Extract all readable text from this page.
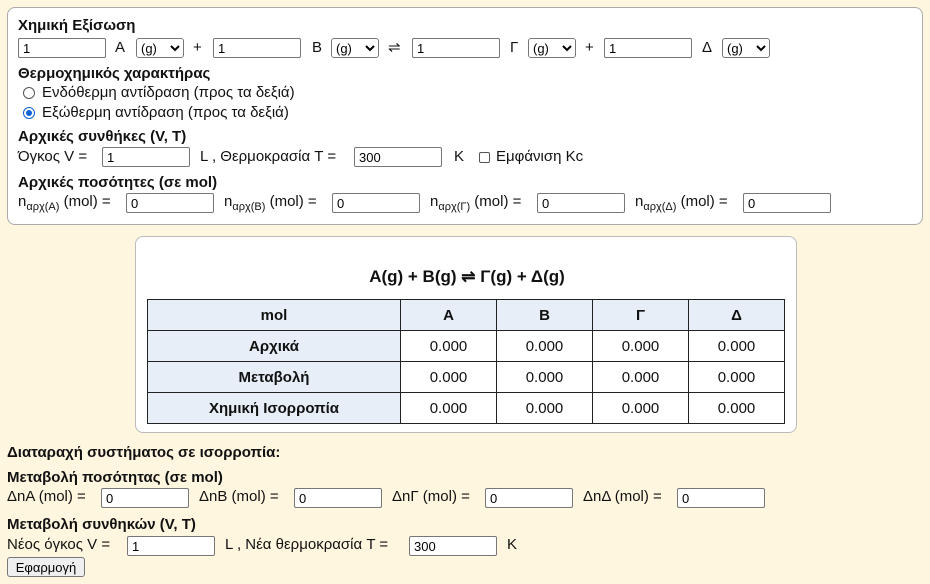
Χημική Εξίσωση
1
Α
(g)	+
1	Β
(g)	⇌
1	Γ
(g)	+
1	Δ
(g)
Θερμοχημικός χαρακτήρας
Ενδόθερμη αντίδραση (προς τα δεξιά)
Εξώθερμη αντίδραση (προς τα δεξιά)
Αρχικές συνθήκες (V, T)
Όγκος V =
1	L , Θερμοκρασία T =
300	K Εμφάνιση Kc
Αρχικές ποσότητες (σε mol)
$n_{\alpha\rho\chi(A)}$ (mol) =
0	$n_{\alpha\rho\chi(B)}$ (mol) =
0	$n_{\alpha\rho\chi(\Gamma)}$ (mol) =
0	$n_{\alpha\rho\chi(\Delta)}$ (mol) =
0
A(g) + B(g) ⇌ Γ(g) + Δ(g)
mol	Α	Β	Γ	Δ
Αρχικά	0.000	0.000	0.000	0.000
Μεταβολή	0.000	0.000	0.000	0.000
Χημική Ισορροπία	0.000	0.000	0.000	0.000
Διαταραχή συστήματος σε ισορροπία:
Μεταβολή ποσότητας (σε mol)
ΔnΑ (mol) =
0	ΔnΒ (mol) =
0	ΔnΓ (mol) =
0	ΔnΔ (mol) =
0
Μεταβολή συνθηκών (V, T)
Νέος όγκος V =
1	L , Νέα θερμοκρασία T =
300	K
Εφαρμογή
